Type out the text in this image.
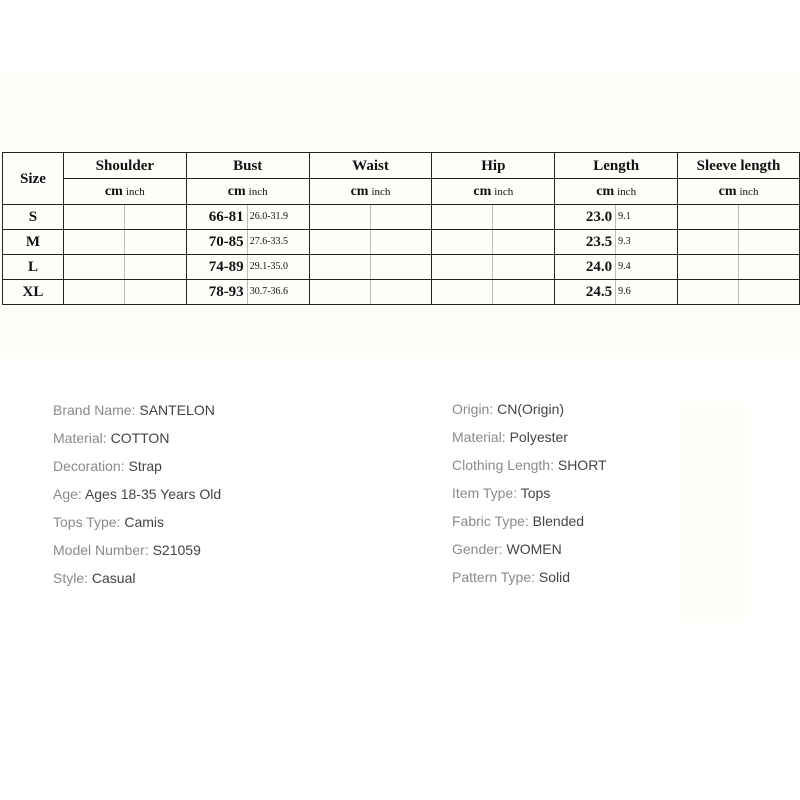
Size	Shoulder		Bust		Waist		Hip		Length		Sleeve length	
	cm inch		cm inch		cm inch		cm inch		cm inch		cm inch	
S			66-81	26.0-31.9					23.0	9.1		
M			70-85	27.6-33.5					23.5	9.3		
L			74-89	29.1-35.0					24.0	9.4		
XL			78-93	30.7-36.6					24.5	9.6		
Brand Name: SANTELON
Material: COTTON
Decoration: Strap
Age: Ages 18-35 Years Old
Tops Type: Camis
Model Number: S21059
Style: Casual
Origin: CN(Origin)
Material: Polyester
Clothing Length: SHORT
Item Type: Tops
Fabric Type: Blended
Gender: WOMEN
Pattern Type: Solid
